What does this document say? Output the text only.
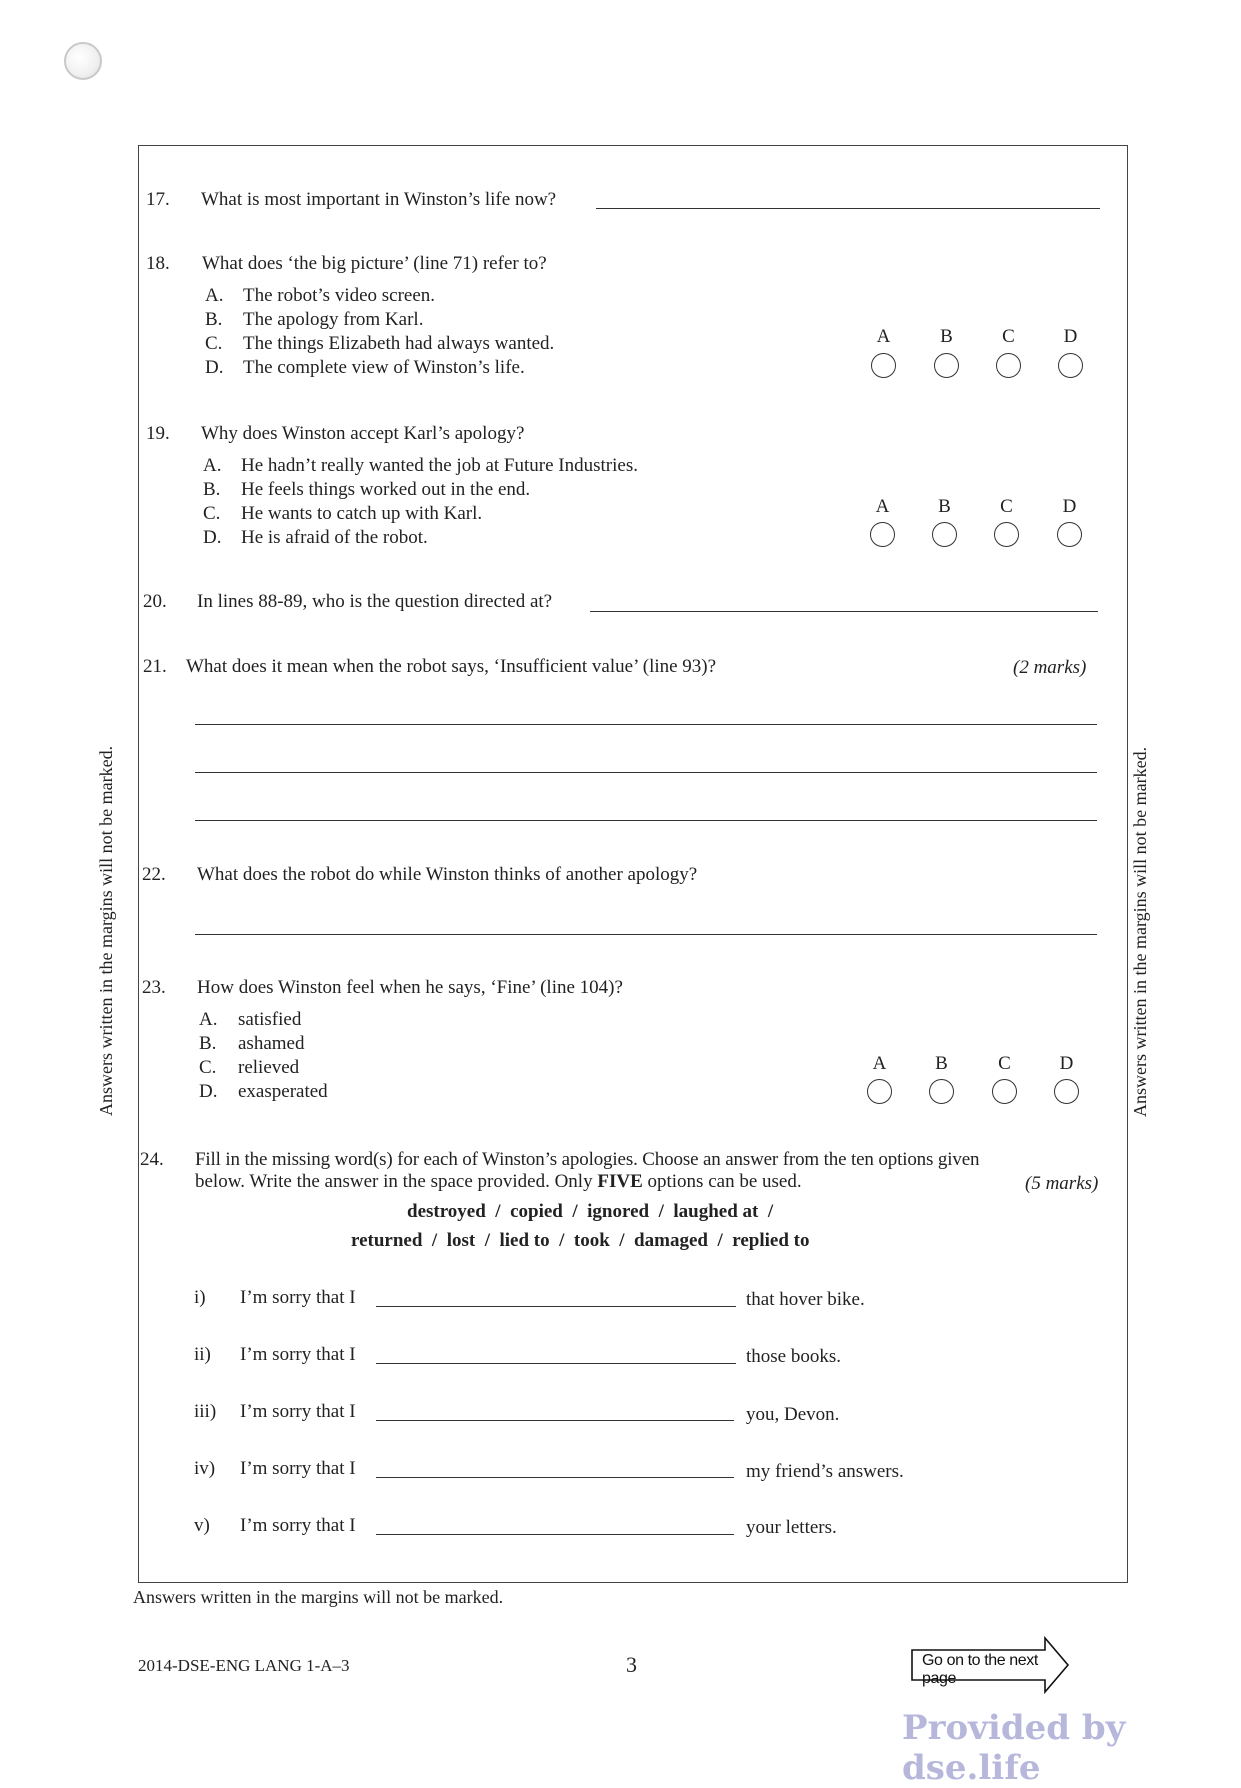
Answers written in the margins will not be marked.	Answers written in the margins will not be marked.
17. What is most important in Winston’s life now?
18. What does ‘the big picture’ (line 71) refer to?
A. The robot’s video screen.
B. The apology from Karl.
C. The things Elizabeth had always wanted.
D. The complete view of Winston’s life.
A	B	C	D
19. Why does Winston accept Karl’s apology?
A. He hadn’t really wanted the job at Future Industries.
B. He feels things worked out in the end.
C. He wants to catch up with Karl.
D. He is afraid of the robot.
A	B	C	D
20. In lines 88-89, who is the question directed at?
21. What does it mean when the robot says, ‘Insufficient value’ (line 93)?	(2 marks)
22. What does the robot do while Winston thinks of another apology?
23. How does Winston feel when he says, ‘Fine’ (line 104)?
A. satisfied
B. ashamed
C. relieved
D. exasperated
A	B	C	D
24. Fill in the missing word(s) for each of Winston’s apologies. Choose an answer from the ten options given
below. Write the answer in the space provided. Only FIVE options can be used.	(5 marks)
destroyed  /  copied  /  ignored  /  laughed at  /
returned  /  lost  /  lied to  /  took  /  damaged  /  replied to
i) I’m sorry that I	that hover bike.
ii) I’m sorry that I	those books.
iii) I’m sorry that I	you, Devon.
iv) I’m sorry that I	my friend’s answers.
v) I’m sorry that I	your letters.
Answers written in the margins will not be marked.
2014-DSE-ENG LANG 1-A–3	3	Go on to the next page
Provided by dse.life
